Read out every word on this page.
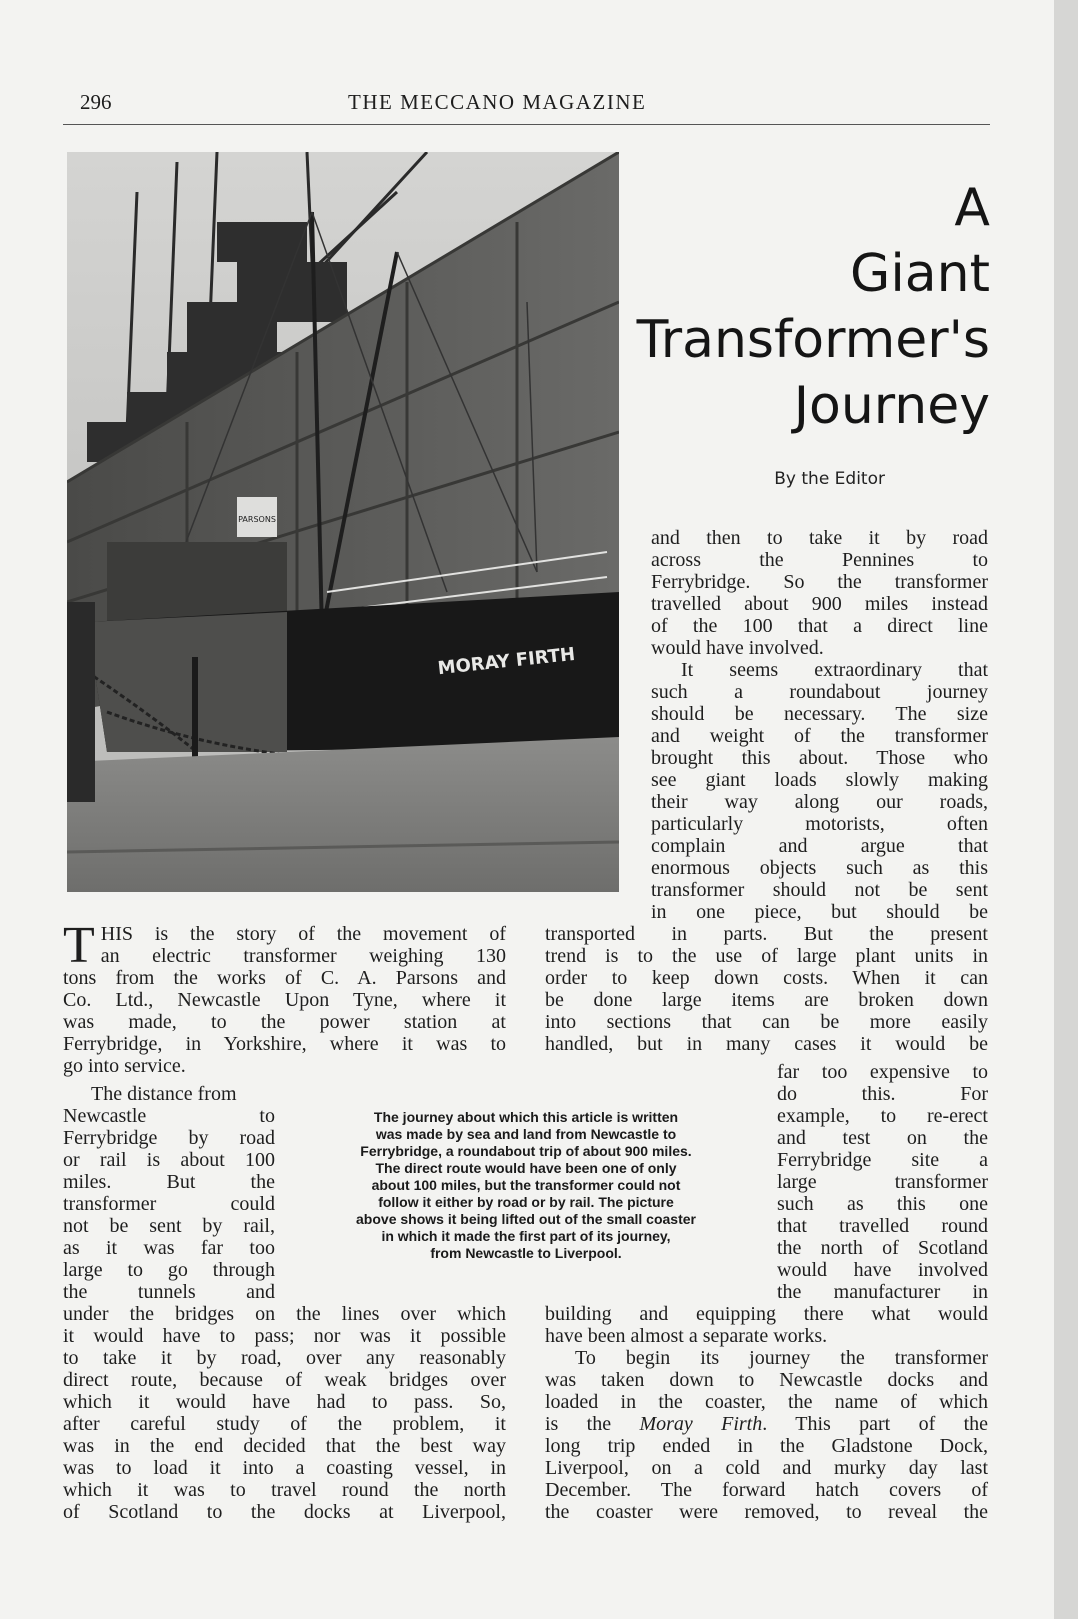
296	THE MECCANO MAGAZINE
PARSONS
MORAY FIRTH
A
Giant
Transformer's
Journey
By the Editor
and then to take it by road
across the Pennines to
Ferrybridge. So the transformer
travelled about 900 miles instead
of the 100 that a direct line
would have involved.
It seems extraordinary that
such a roundabout journey
should be necessary. The size
and weight of the transformer
brought this about. Those who
see giant loads slowly making
their way along our roads,
particularly motorists, often
complain and argue that
enormous objects such as this
transformer should not be sent
in one piece, but should be
T HIS is the story of the movement of
an electric transformer weighing 130
tons from the works of C. A. Parsons and
Co. Ltd., Newcastle Upon Tyne, where it
was made, to the power station at
Ferrybridge, in Yorkshire, where it was to
go into service.
The distance from
Newcastle to
Ferrybridge by road
or rail is about 100
miles. But the
transformer could
not be sent by rail,
as it was far too
large to go through
the tunnels and
The journey about which this article is written
was made by sea and land from Newcastle to
Ferrybridge, a roundabout trip of about 900 miles.
The direct route would have been one of only
about 100 miles, but the transformer could not
follow it either by road or by rail. The picture
above shows it being lifted out of the small coaster
in which it made the first part of its journey,
from Newcastle to Liverpool.
under the bridges on the lines over which
it would have to pass; nor was it possible
to take it by road, over any reasonably
direct route, because of weak bridges over
which it would have had to pass. So,
after careful study of the problem, it
was in the end decided that the best way
was to load it into a coasting vessel, in
which it was to travel round the north
of Scotland to the docks at Liverpool,
transported in parts. But the present
trend is to the use of large plant units in
order to keep down costs. When it can
be done large items are broken down
into sections that can be more easily
handled, but in many cases it would be
far too expensive to
do this. For
example, to re-erect
and test on the
Ferrybridge site a
large transformer
such as this one
that travelled round
the north of Scotland
would have involved
the manufacturer in
building and equipping there what would
have been almost a separate works.
To begin its journey the transformer
was taken down to Newcastle docks and
loaded in the coaster, the name of which
is the Moray Firth. This part of the
long trip ended in the Gladstone Dock,
Liverpool, on a cold and murky day last
December. The forward hatch covers of
the coaster were removed, to reveal the
